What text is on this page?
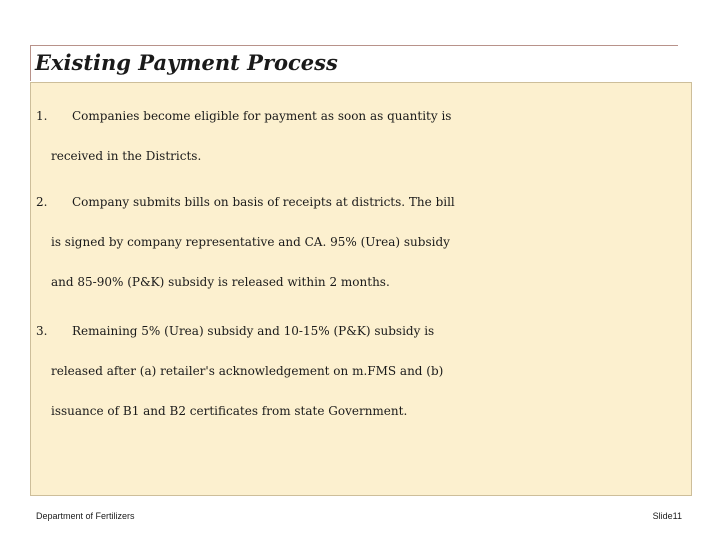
Existing Payment Process
1. Companies become eligible for payment as soon as quantity is
received in the Districts.
2. Company submits bills on basis of receipts at districts. The bill
is signed by company representative and CA. 95% (Urea) subsidy
and 85-90% (P&K) subsidy is released within 2 months.
3. Remaining 5% (Urea) subsidy and 10-15% (P&K) subsidy is
released after (a) retailer's acknowledgement on m.FMS and (b)
issuance of B1 and B2 certificates from state Government.
Department of Fertilizers	Slide11
